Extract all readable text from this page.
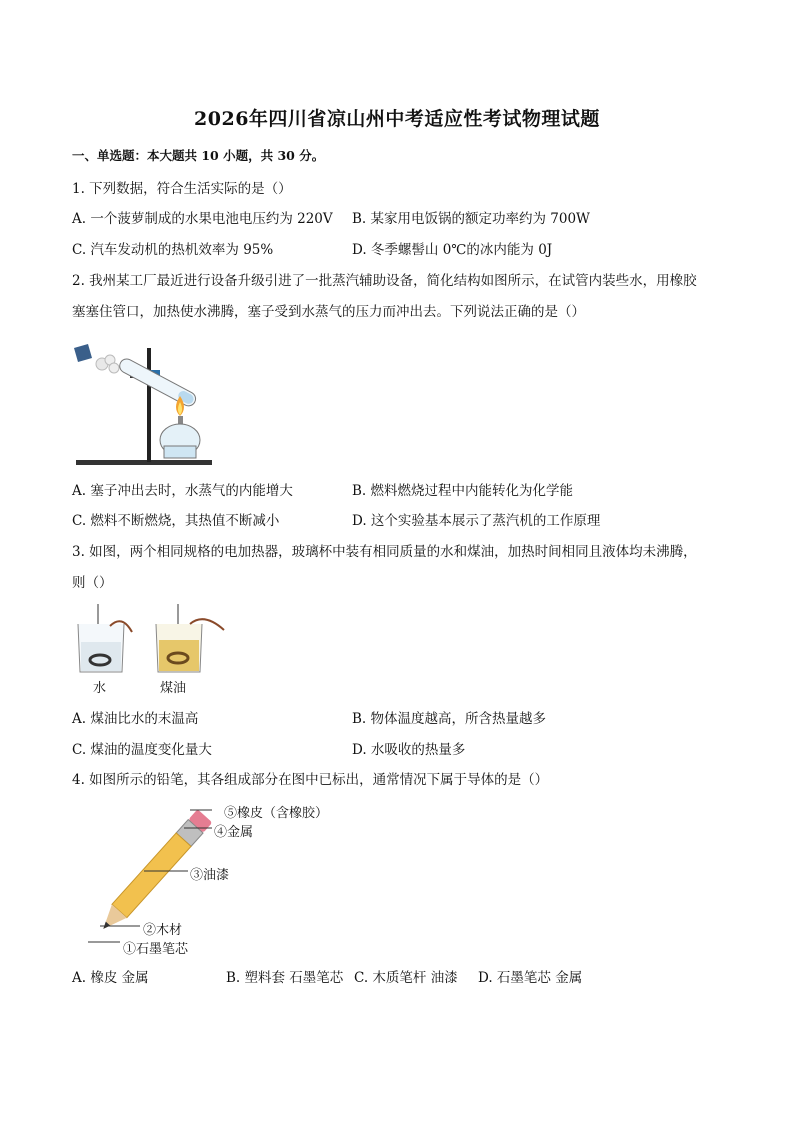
2026年四川省凉山州中考适应性考试物理试题
一、单选题：本大题共 10 小题，共 30 分。
1. 下列数据，符合生活实际的是（）
A. 一个菠萝制成的水果电池电压约为 220V B. 某家用电饭锅的额定功率约为 700W
C. 汽车发动机的热机效率为 95%	D. 冬季螺髻山 0℃的冰内能为 0J
2. 我州某工厂最近进行设备升级引进了一批蒸汽辅助设备，简化结构如图所示，在试管内装些水，用橡胶
塞塞住管口，加热使水沸腾，塞子受到水蒸气的压力而冲出去。下列说法正确的是（）
A. 塞子冲出去时，水蒸气的内能增大	B. 燃料燃烧过程中内能转化为化学能
C. 燃料不断燃烧，其热值不断减小	D. 这个实验基本展示了蒸汽机的工作原理
3. 如图，两个相同规格的电加热器，玻璃杯中装有相同质量的水和煤油，加热时间相同且液体均未沸腾，
则（）
水	煤油
A. 煤油比水的末温高	B. 物体温度越高，所含热量越多
C. 煤油的温度变化量大	D. 水吸收的热量多
4. 如图所示的铅笔，其各组成部分在图中已标出，通常情况下属于导体的是（）
⑤橡皮（含橡胶）
④金属
③油漆
②木材
①石墨笔芯
A. 橡皮 金属	B. 塑料套 石墨笔芯 C. 木质笔杆 油漆 D. 石墨笔芯 金属
